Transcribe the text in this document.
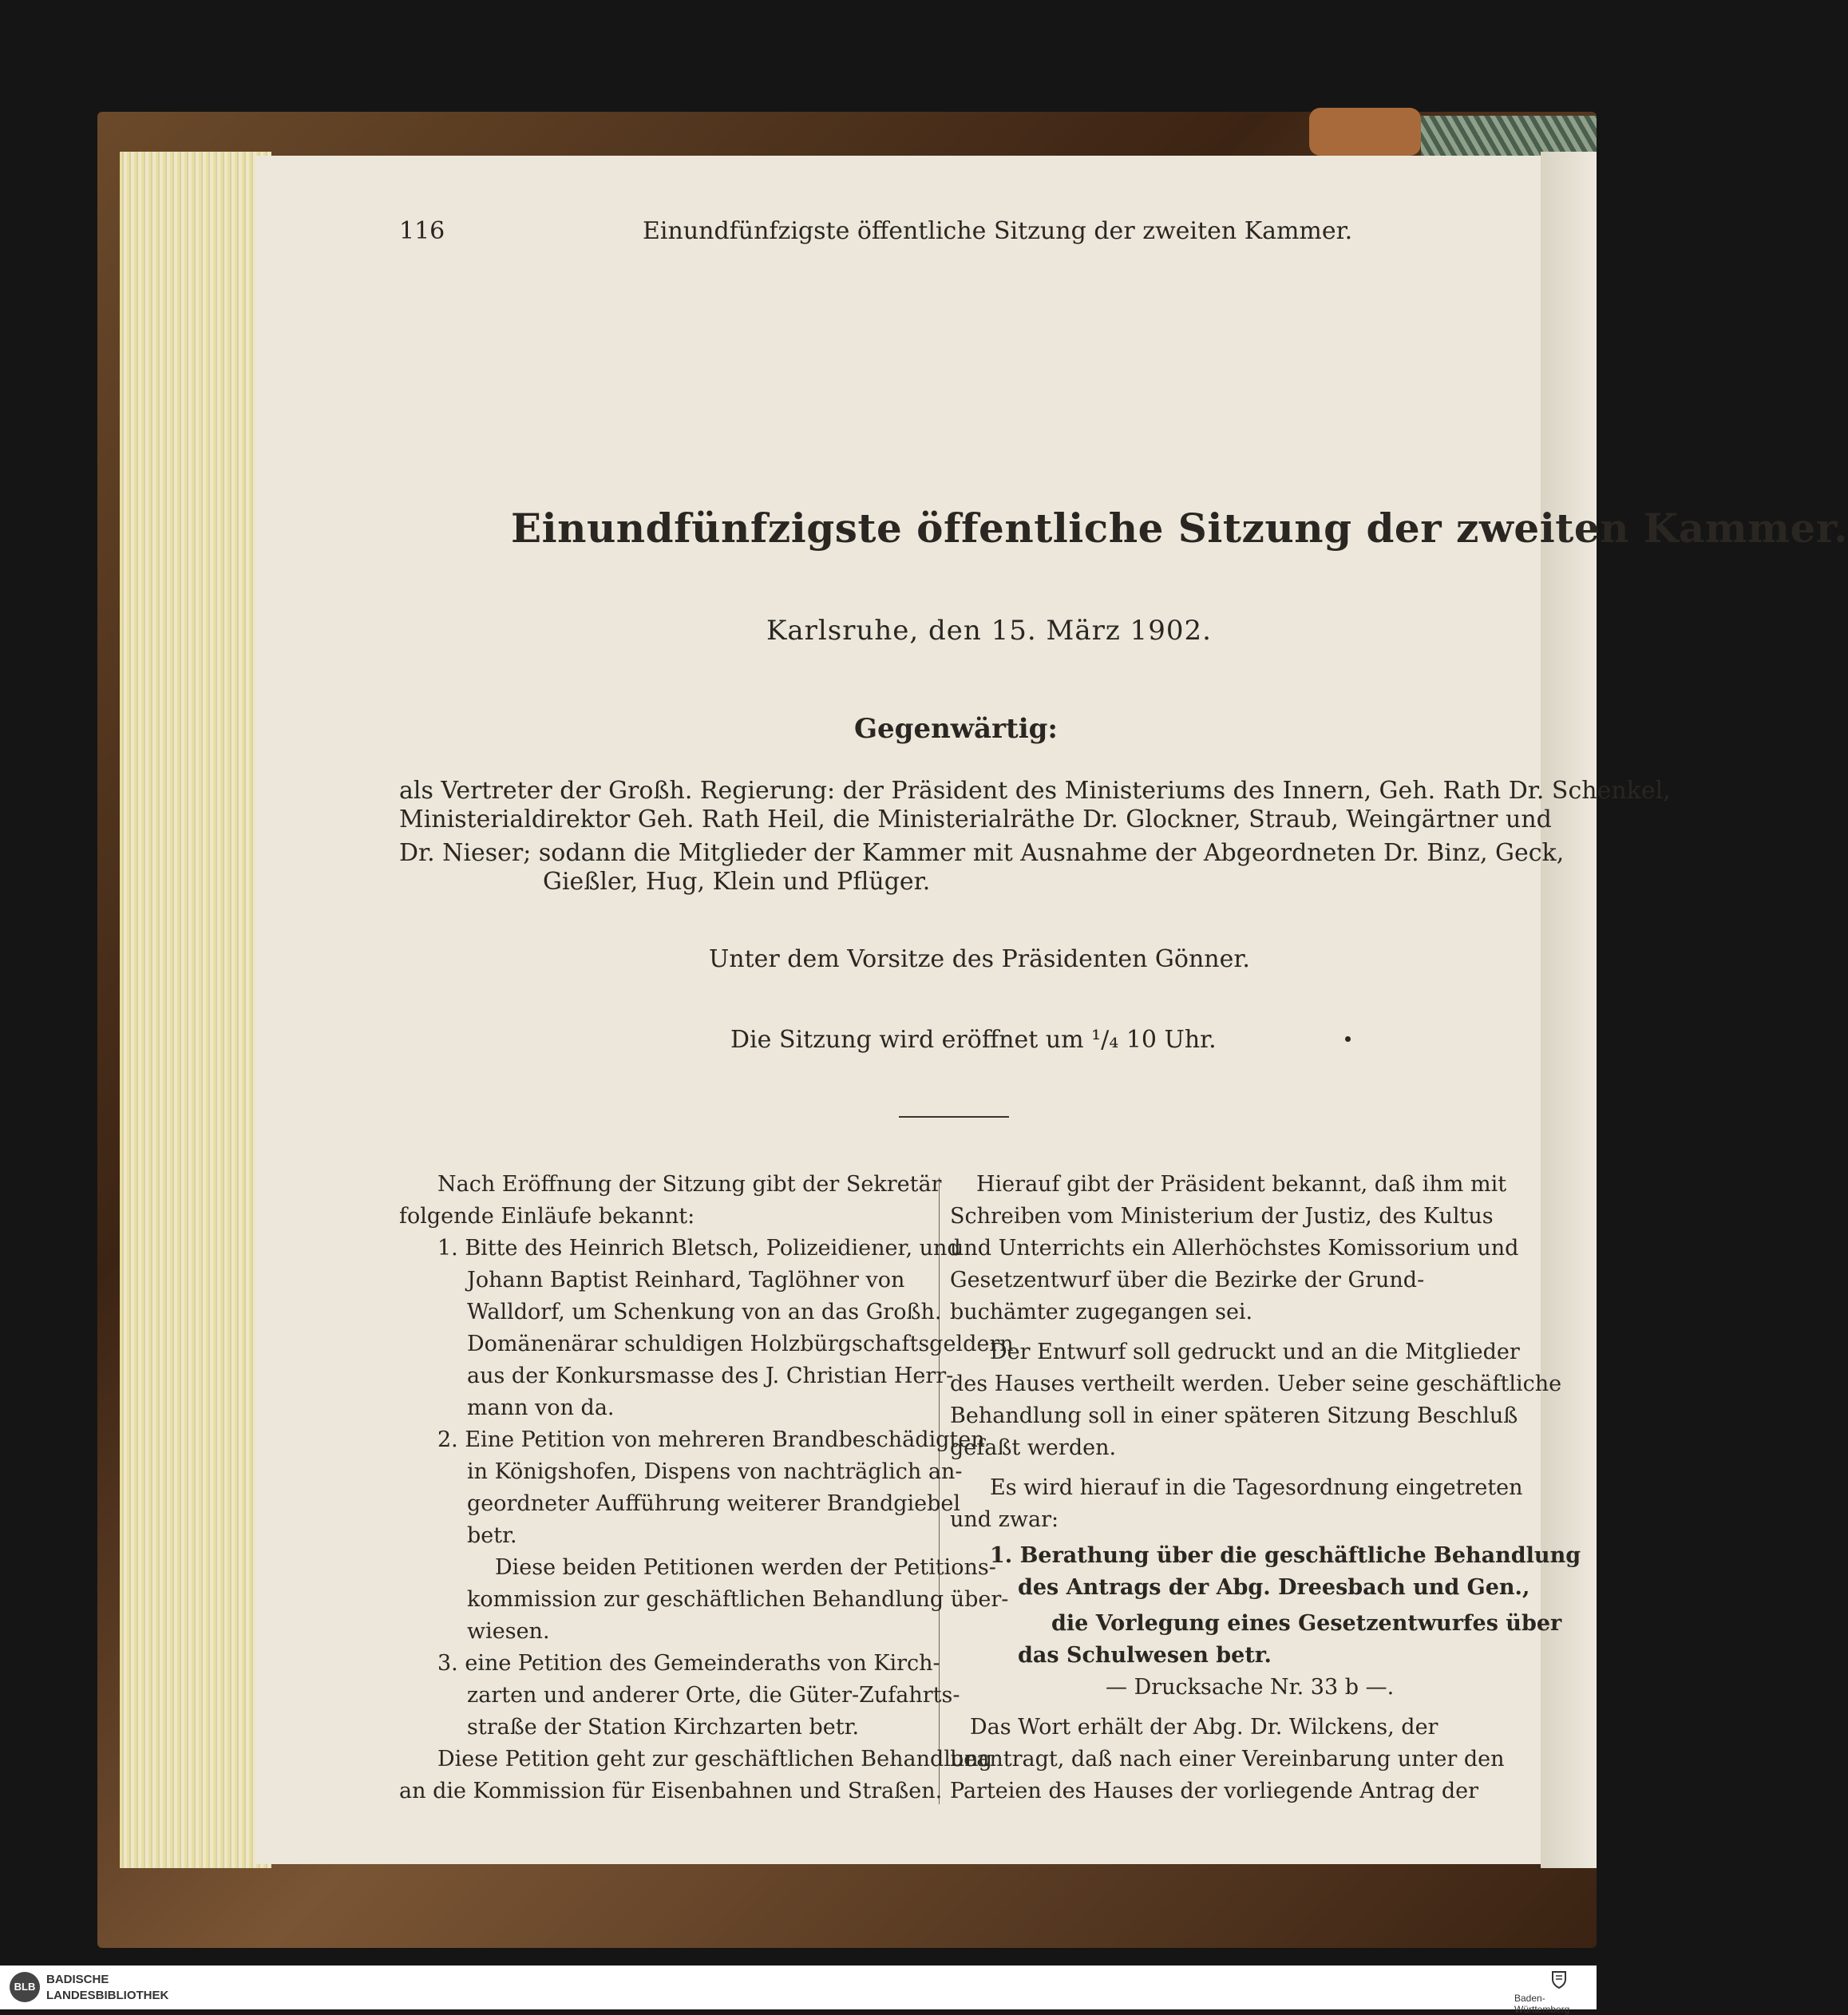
116	Einundfünfzigste öffentliche Sitzung der zweiten Kammer.
Einundfünfzigste öffentliche Sitzung der zweiten Kammer.
Karlsruhe, den 15. März 1902.
Gegenwärtig:
als Vertreter der Großh. Regierung: der Präsident des Ministeriums des Innern, Geh. Rath Dr. Schenkel,
Ministerialdirektor Geh. Rath Heil, die Ministerialräthe Dr. Glockner, Straub, Weingärtner und
Dr. Nieser; sodann die Mitglieder der Kammer mit Ausnahme der Abgeordneten Dr. Binz, Geck,
Gießler, Hug, Klein und Pflüger.
Unter dem Vorsitze des Präsidenten Gönner.
Die Sitzung wird eröffnet um ¹/₄ 10 Uhr.
Nach Eröffnung der Sitzung gibt der Sekretär
folgende Einläufe bekannt:
1. Bitte des Heinrich Bletsch, Polizeidiener, und
Johann Baptist Reinhard, Taglöhner von
Walldorf, um Schenkung von an das Großh.
Domänenärar schuldigen Holzbürgschaftsgeldern
aus der Konkursmasse des J. Christian Herr-
mann von da.
2. Eine Petition von mehreren Brandbeschädigten
in Königshofen, Dispens von nachträglich an-
geordneter Aufführung weiterer Brandgiebel
betr.
Diese beiden Petitionen werden der Petitions-
kommission zur geschäftlichen Behandlung über-
wiesen.
3. eine Petition des Gemeinderaths von Kirch-
zarten und anderer Orte, die Güter-Zufahrts-
straße der Station Kirchzarten betr.
Diese Petition geht zur geschäftlichen Behandlung
an die Kommission für Eisenbahnen und Straßen.
Hierauf gibt der Präsident bekannt, daß ihm mit
Schreiben vom Ministerium der Justiz, des Kultus
und Unterrichts ein Allerhöchstes Komissorium und
Gesetzentwurf über die Bezirke der Grund-
buchämter zugegangen sei.
Der Entwurf soll gedruckt und an die Mitglieder
des Hauses vertheilt werden. Ueber seine geschäftliche
Behandlung soll in einer späteren Sitzung Beschluß
gefaßt werden.
Es wird hierauf in die Tagesordnung eingetreten
und zwar:
1. Berathung über die geschäftliche Behandlung
des Antrags der Abg. Dreesbach und Gen.,
die Vorlegung eines Gesetzentwurfes über
das Schulwesen betr.
— Drucksache Nr. 33 b —.
Das Wort erhält der Abg. Dr. Wilckens, der
beantragt, daß nach einer Vereinbarung unter den
Parteien des Hauses der vorliegende Antrag der
BLB
BADISCHE
LANDESBIBLIOTHEK	Baden-Württemberg
